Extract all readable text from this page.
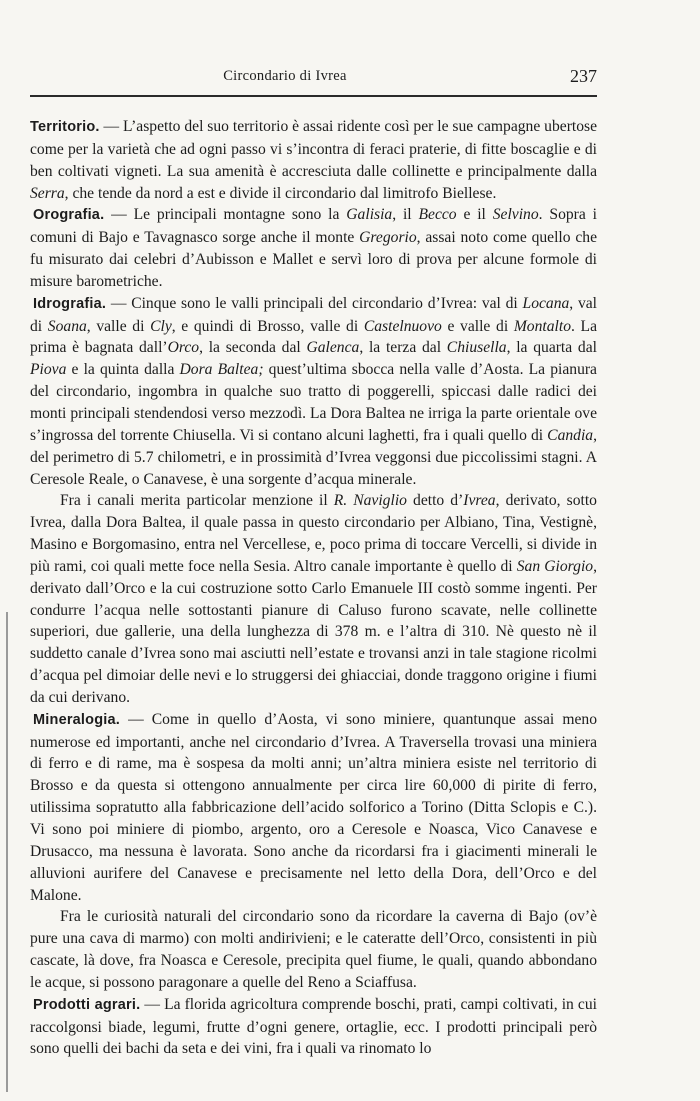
Circondario di Ivrea	237

Territorio. — L’aspetto del suo territorio è assai ridente così per le sue campagne ubertose come per la varietà che ad ogni passo vi s’incontra di feraci praterie, di fitte boscaglie e di ben coltivati vigneti. La sua amenità è accresciuta dalle collinette e principalmente dalla Serra, che tende da nord a est e divide il circondario dal limitrofo Biellese.

Orografia. — Le principali montagne sono la Galisia, il Becco e il Selvino. Sopra i comuni di Bajo e Tavagnasco sorge anche il monte Gregorio, assai noto come quello che fu misurato dai celebri d’Aubisson e Mallet e servì loro di prova per alcune formole di misure barometriche.

Idrografia. — Cinque sono le valli principali del circondario d’Ivrea: val di Locana, val di Soana, valle di Cly, e quindi di Brosso, valle di Castelnuovo e valle di Montalto. La prima è bagnata dall’Orco, la seconda dal Galenca, la terza dal Chiusella, la quarta dal Piova e la quinta dalla Dora Baltea; quest’ultima sbocca nella valle d’Aosta. La pianura del circondario, ingombra in qualche suo tratto di poggerelli, spiccasi dalle radici dei monti principali stendendosi verso mezzodì. La Dora Baltea ne irriga la parte orientale ove s’ingrossa del torrente Chiusella. Vi si contano alcuni laghetti, fra i quali quello di Candia, del perimetro di 5.7 chilometri, e in prossimità d’Ivrea veggonsi due piccolissimi stagni. A Ceresole Reale, o Canavese, è una sorgente d’acqua minerale.

Fra i canali merita particolar menzione il R. Naviglio detto d’Ivrea, derivato, sotto Ivrea, dalla Dora Baltea, il quale passa in questo circondario per Albiano, Tina, Vestignè, Masino e Borgomasino, entra nel Vercellese, e, poco prima di toccare Vercelli, si divide in più rami, coi quali mette foce nella Sesia. Altro canale importante è quello di San Giorgio, derivato dall’Orco e la cui costruzione sotto Carlo Emanuele III costò somme ingenti. Per condurre l’acqua nelle sottostanti pianure di Caluso furono scavate, nelle collinette superiori, due gallerie, una della lunghezza di 378 m. e l’altra di 310. Nè questo nè il suddetto canale d’Ivrea sono mai asciutti nell’estate e trovansi anzi in tale stagione ricolmi d’acqua pel dimoiar delle nevi e lo struggersi dei ghiacciai, donde traggono origine i fiumi da cui derivano.

Mineralogia. — Come in quello d’Aosta, vi sono miniere, quantunque assai meno numerose ed importanti, anche nel circondario d’Ivrea. A Traversella trovasi una miniera di ferro e di rame, ma è sospesa da molti anni; un’altra miniera esiste nel territorio di Brosso e da questa si ottengono annualmente per circa lire 60,000 di pirite di ferro, utilissima sopratutto alla fabbricazione dell’acido solforico a Torino (Ditta Sclopis e C.). Vi sono poi miniere di piombo, argento, oro a Ceresole e Noasca, Vico Canavese e Drusacco, ma nessuna è lavorata. Sono anche da ricordarsi fra i giacimenti minerali le alluvioni aurifere del Canavese e precisamente nel letto della Dora, dell’Orco e del Malone.

Fra le curiosità naturali del circondario sono da ricordare la caverna di Bajo (ov’è pure una cava di marmo) con molti andirivieni; e le cateratte dell’Orco, consistenti in più cascate, là dove, fra Noasca e Ceresole, precipita quel fiume, le quali, quando abbondano le acque, si possono paragonare a quelle del Reno a Sciaffusa.

Prodotti agrari. — La florida agricoltura comprende boschi, prati, campi coltivati, in cui raccolgonsi biade, legumi, frutte d’ogni genere, ortaglie, ecc. I prodotti principali però sono quelli dei bachi da seta e dei vini, fra i quali va rinomato lo
